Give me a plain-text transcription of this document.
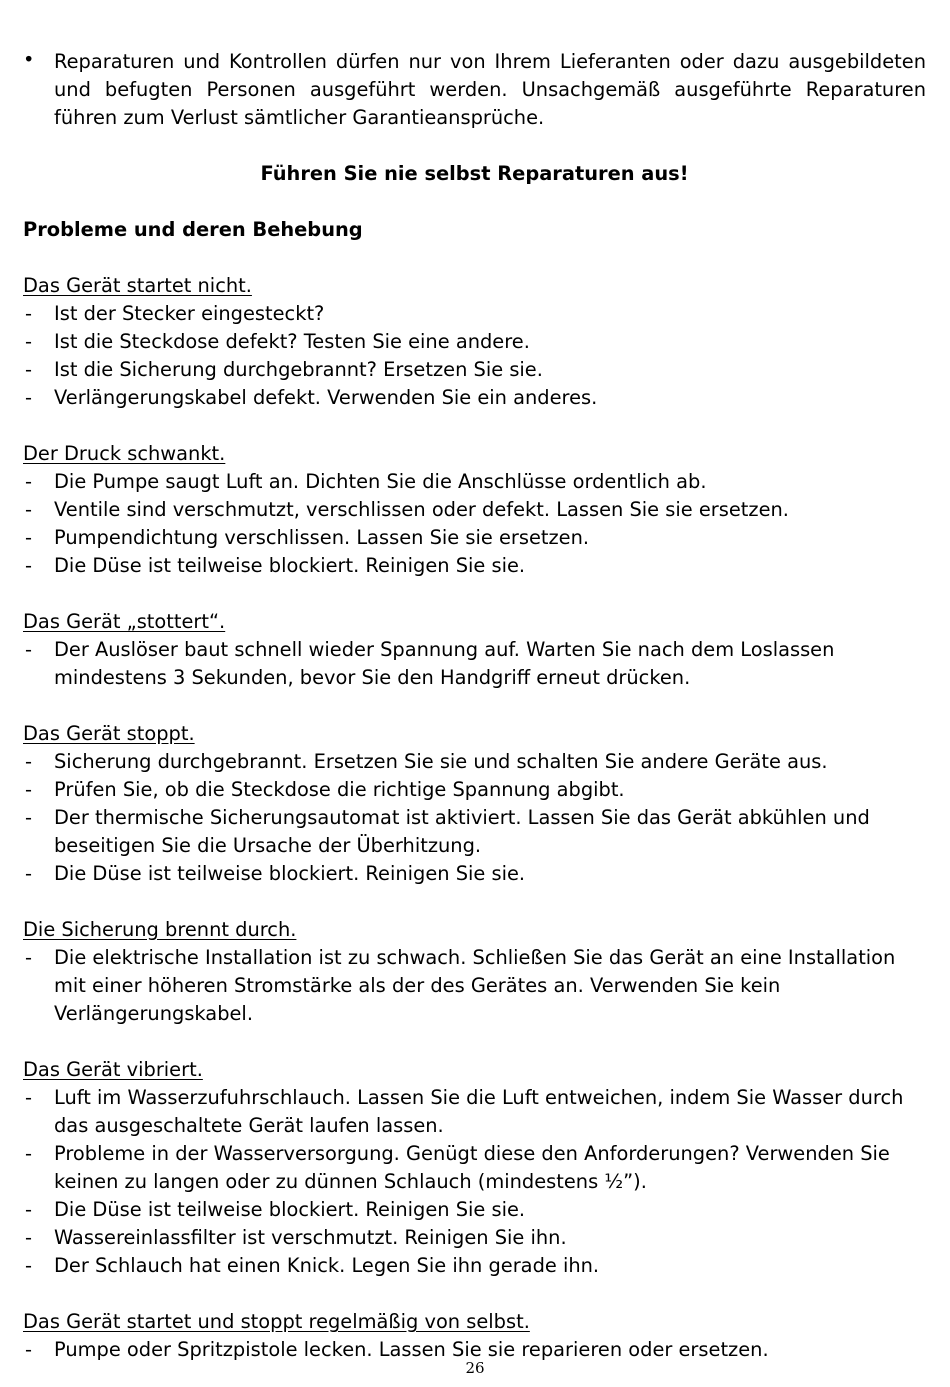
•	Reparaturen und Kontrollen dürfen nur von Ihrem Lieferanten oder dazu ausgebildeten und befugten Personen ausgeführt werden. Unsachgemäß ausgeführte Reparaturen führen zum Verlust sämtlicher Garantieansprüche.
Führen Sie nie selbst Reparaturen aus!
Probleme und deren Behebung
Das Gerät startet nicht.
- Ist der Stecker eingesteckt?
- Ist die Steckdose defekt? Testen Sie eine andere.
- Ist die Sicherung durchgebrannt? Ersetzen Sie sie.
- Verlängerungskabel defekt. Verwenden Sie ein anderes.
Der Druck schwankt.
- Die Pumpe saugt Luft an. Dichten Sie die Anschlüsse ordentlich ab.
- Ventile sind verschmutzt, verschlissen oder defekt. Lassen Sie sie ersetzen.
- Pumpendichtung verschlissen. Lassen Sie sie ersetzen.
- Die Düse ist teilweise blockiert. Reinigen Sie sie.
Das Gerät „stottert“.
- Der Auslöser baut schnell wieder Spannung auf. Warten Sie nach dem Loslassen mindestens 3 Sekunden, bevor Sie den Handgriff erneut drücken.
Das Gerät stoppt.
- Sicherung durchgebrannt. Ersetzen Sie sie und schalten Sie andere Geräte aus.
- Prüfen Sie, ob die Steckdose die richtige Spannung abgibt.
- Der thermische Sicherungsautomat ist aktiviert. Lassen Sie das Gerät abkühlen und beseitigen Sie die Ursache der Überhitzung.
- Die Düse ist teilweise blockiert. Reinigen Sie sie.
Die Sicherung brennt durch.
- Die elektrische Installation ist zu schwach. Schließen Sie das Gerät an eine Installation mit einer höheren Stromstärke als der des Gerätes an. Verwenden Sie kein Verlängerungskabel.
Das Gerät vibriert.
- Luft im Wasserzufuhrschlauch. Lassen Sie die Luft entweichen, indem Sie Wasser durch das ausgeschaltete Gerät laufen lassen.
- Probleme in der Wasserversorgung. Genügt diese den Anforderungen? Verwenden Sie keinen zu langen oder zu dünnen Schlauch (mindestens ½”).
- Die Düse ist teilweise blockiert. Reinigen Sie sie.
- Wassereinlassfilter ist verschmutzt. Reinigen Sie ihn.
- Der Schlauch hat einen Knick. Legen Sie ihn gerade ihn.
Das Gerät startet und stoppt regelmäßig von selbst.
- Pumpe oder Spritzpistole lecken. Lassen Sie sie reparieren oder ersetzen.
26
